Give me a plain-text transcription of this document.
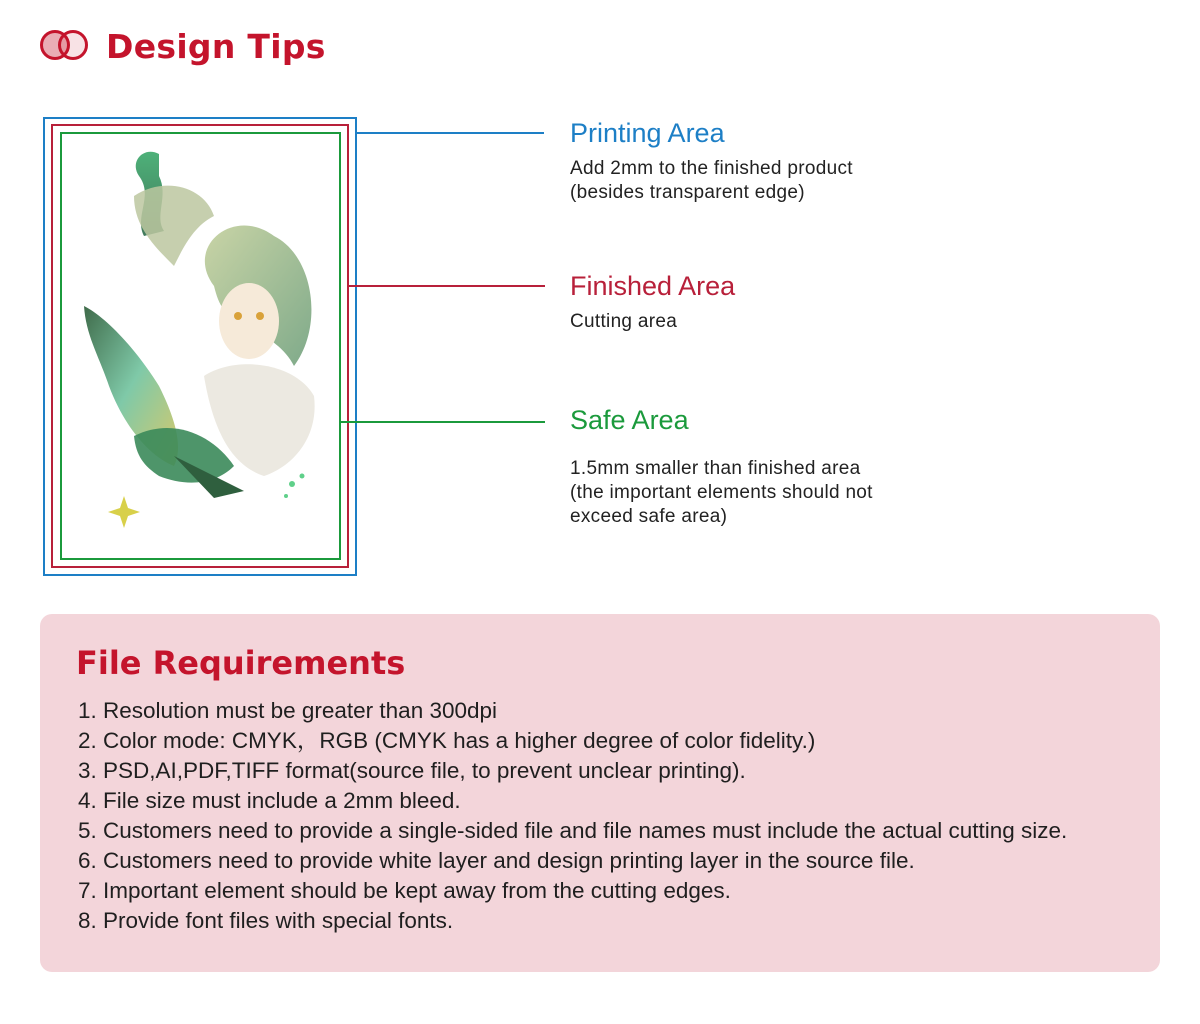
Design Tips
Printing Area
Add 2mm to the finished product
(besides transparent edge)
Finished Area
Cutting area
Safe Area
1.5mm smaller than finished area
(the important elements should not
exceed safe area)
File Requirements
1. Resolution must be greater than 300dpi
2. Color mode: CMYK，RGB (CMYK has a higher degree of color fidelity.)
3. PSD,AI,PDF,TIFF format(source file, to prevent unclear printing).
4. File size must include a 2mm bleed.
5. Customers need to provide a single-sided file and file names must include the actual cutting size.
6. Customers need to provide white layer and design printing layer in the source file.
7. Important element should be kept away from the cutting edges.
8. Provide font files with special fonts.
